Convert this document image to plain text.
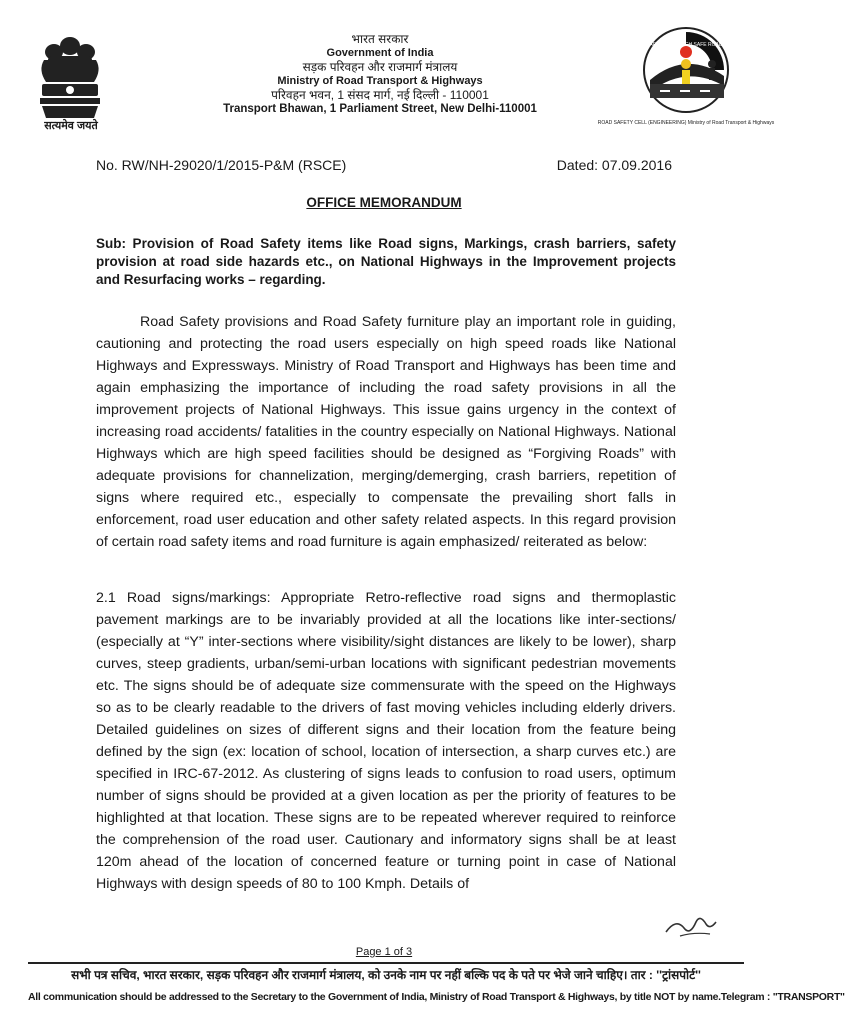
सत्यमेव जयते
भारत सरकार
Government of India
सड़क परिवहन और राजमार्ग मंत्रालय
Ministry of Road Transport & Highways
परिवहन भवन, 1 संसद मार्ग, नई दिल्ली - 110001
Transport Bhawan, 1 Parliament Street, New Delhi-110001
ROAD SAFETY CELL (ENGINEERING) Ministry of Road Transport & Highways
SAFETY THROUGH SAFE ROADS
No. RW/NH-29020/1/2015-P&M (RSCE)	Dated: 07.09.2016
OFFICE MEMORANDUM
Sub: Provision of Road Safety items like Road signs, Markings, crash barriers, safety provision at road side hazards etc., on National Highways in the Improvement projects and Resurfacing works – regarding.
Road Safety provisions and Road Safety furniture play an important role in guiding, cautioning and protecting the road users especially on high speed roads like National Highways and Expressways. Ministry of Road Transport and Highways has been time and again emphasizing the importance of including the road safety provisions in all the improvement projects of National Highways. This issue gains urgency in the context of increasing road accidents/ fatalities in the country especially on National Highways. National Highways which are high speed facilities should be designed as “Forgiving Roads” with adequate provisions for channelization, merging/demerging, crash barriers, repetition of signs where required etc., especially to compensate the prevailing short falls in enforcement, road user education and other safety related aspects. In this regard provision of certain road safety items and road furniture is again emphasized/ reiterated as below:
2.1 Road signs/markings: Appropriate Retro-reflective road signs and thermoplastic pavement markings are to be invariably provided at all the locations like inter-sections/ (especially at “Y” inter-sections where visibility/sight distances are likely to be lower), sharp curves, steep gradients, urban/semi-urban locations with significant pedestrian movements etc. The signs should be of adequate size commensurate with the speed on the Highways so as to be clearly readable to the drivers of fast moving vehicles including elderly drivers. Detailed guidelines on sizes of different signs and their location from the feature being defined by the sign (ex: location of school, location of intersection, a sharp curves etc.) are specified in IRC-67-2012. As clustering of signs leads to confusion to road users, optimum number of signs should be provided at a given location as per the priority of features to be highlighted at that location. These signs are to be repeated wherever required to reinforce the comprehension of the road user. Cautionary and informatory signs shall be at least 120m ahead of the location of concerned feature or turning point in case of National Highways with design speeds of 80 to 100 Kmph. Details of
Page 1 of 3
सभी पत्र सचिव, भारत सरकार, सड़क परिवहन और राजमार्ग मंत्रालय, को उनके नाम पर नहीं बल्कि पद के पते पर भेजे जाने चाहिए। तार : ''ट्रांसपोर्ट''
All communication should be addressed to the Secretary to the Government of India, Ministry of Road Transport & Highways, by title NOT by name.Telegram : "TRANSPORT"
